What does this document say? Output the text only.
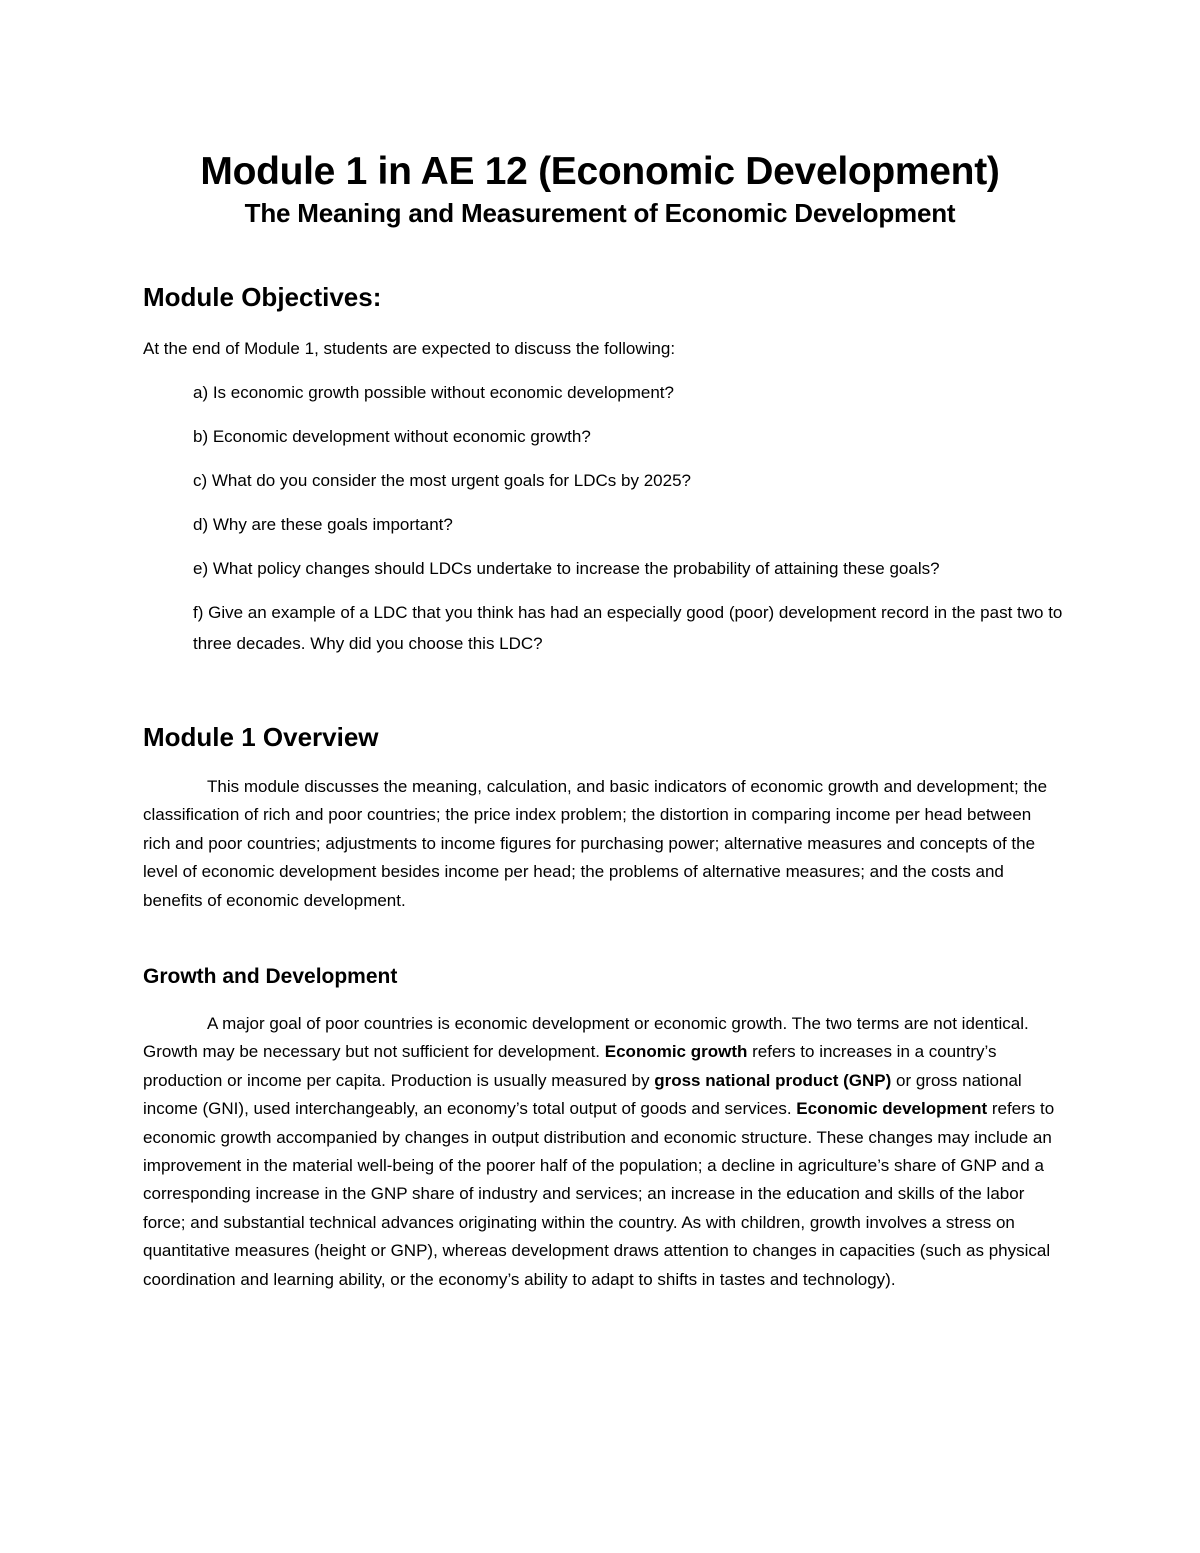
Module 1 in AE 12 (Economic Development)
The Meaning and Measurement of Economic Development
Module Objectives:
At the end of Module 1, students are expected to discuss the following:
a) Is economic growth possible without economic development?
b) Economic development without economic growth?
c) What do you consider the most urgent goals for LDCs by 2025?
d) Why are these goals important?
e) What policy changes should LDCs undertake to increase the probability of attaining these goals?
f) Give an example of a LDC that you think has had an especially good (poor) development record in the past two to three decades. Why did you choose this LDC?
Module 1 Overview

This module discusses the meaning, calculation, and basic indicators of economic growth and development; the classification of rich and poor countries; the price index problem; the distortion in comparing income per head between rich and poor countries; adjustments to income figures for purchasing power; alternative measures and concepts of the level of economic development besides income per head; the problems of alternative measures; and the costs and benefits of economic development.

Growth and Development

A major goal of poor countries is economic development or economic growth. The two terms are not identical. Growth may be necessary but not sufficient for development. Economic growth refers to increases in a country’s production or income per capita. Production is usually measured by gross national product (GNP) or gross national income (GNI), used interchangeably, an economy’s total output of goods and services. Economic development refers to economic growth accompanied by changes in output distribution and economic structure. These changes may include an improvement in the material well-being of the poorer half of the population; a decline in agriculture’s share of GNP and a corresponding increase in the GNP share of industry and services; an increase in the education and skills of the labor force; and substantial technical advances originating within the country. As with children, growth involves a stress on quantitative measures (height or GNP), whereas development draws attention to changes in capacities (such as physical coordination and learning ability, or the economy’s ability to adapt to shifts in tastes and technology).
